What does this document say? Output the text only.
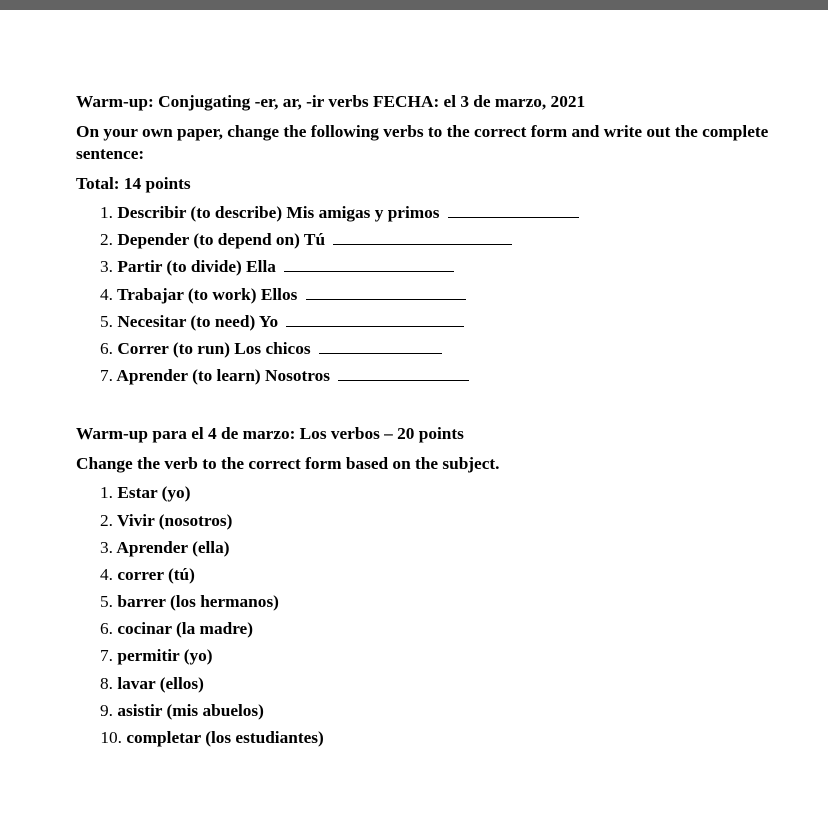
Warm-up: Conjugating -er, ar, -ir verbs FECHA: el 3 de marzo, 2021

On your own paper, change the following verbs to the correct form and write out the complete sentence:

Total: 14 points

1. Describir (to describe) Mis amigas y primos
2. Depender (to depend on) Tú
3. Partir (to divide) Ella
4. Trabajar (to work) Ellos
5. Necesitar (to need) Yo
6. Correr (to run) Los chicos
7. Aprender (to learn) Nosotros

Warm-up para el 4 de marzo: Los verbos – 20 points

Change the verb to the correct form based on the subject.

1. Estar (yo)
2. Vivir (nosotros)
3. Aprender (ella)
4. correr (tú)
5. barrer (los hermanos)
6. cocinar (la madre)
7. permitir (yo)
8. lavar (ellos)
9. asistir (mis abuelos)
10. completar (los estudiantes)
